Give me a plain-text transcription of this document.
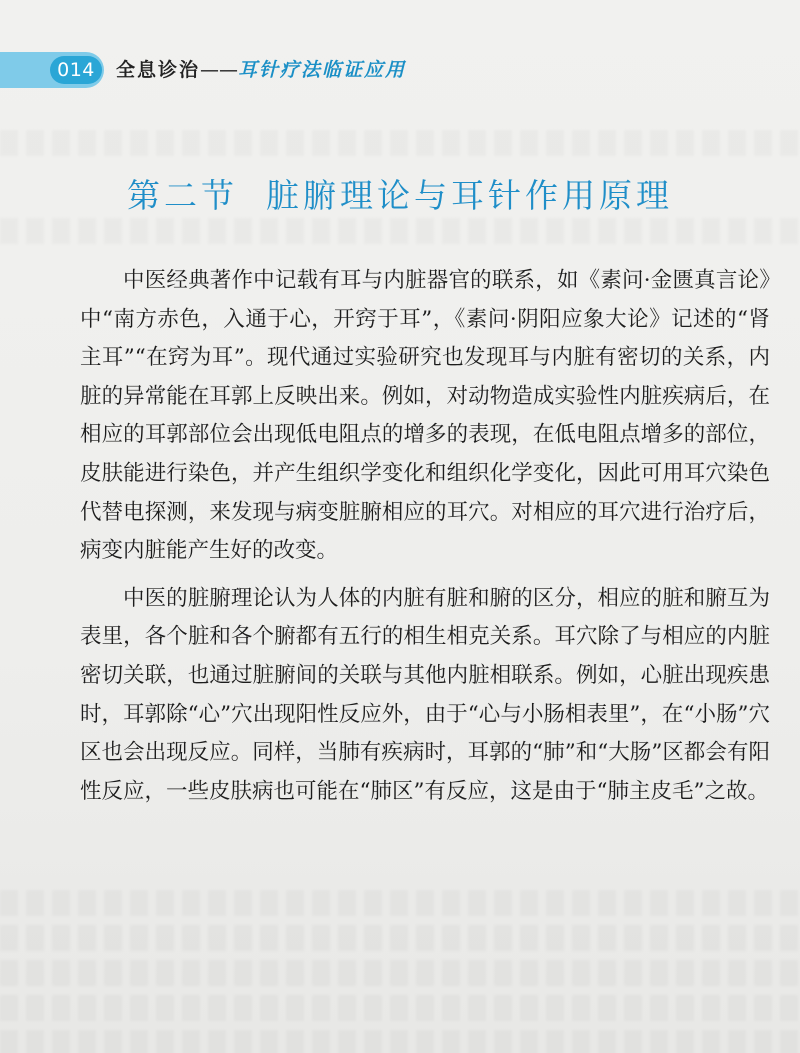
014	全息诊治——耳针疗法临证应用
第二节 脏腑理论与耳针作用原理

中医经典著作中记载有耳与内脏器官的联系，如《素问·金匮真言论》中“南方赤色，入通于心，开窍于耳”，《素问·阴阳应象大论》记述的“肾主耳”“在窍为耳”。现代通过实验研究也发现耳与内脏有密切的关系，内脏的异常能在耳郭上反映出来。例如，对动物造成实验性内脏疾病后，在相应的耳郭部位会出现低电阻点的增多的表现，在低电阻点增多的部位，皮肤能进行染色，并产生组织学变化和组织化学变化，因此可用耳穴染色代替电探测，来发现与病变脏腑相应的耳穴。对相应的耳穴进行治疗后，病变内脏能产生好的改变。

中医的脏腑理论认为人体的内脏有脏和腑的区分，相应的脏和腑互为表里，各个脏和各个腑都有五行的相生相克关系。耳穴除了与相应的内脏密切关联，也通过脏腑间的关联与其他内脏相联系。例如，心脏出现疾患时，耳郭除“心”穴出现阳性反应外，由于“心与小肠相表里”，在“小肠”穴区也会出现反应。同样，当肺有疾病时，耳郭的“肺”和“大肠”区都会有阳性反应，一些皮肤病也可能在“肺区”有反应，这是由于“肺主皮毛”之故。
